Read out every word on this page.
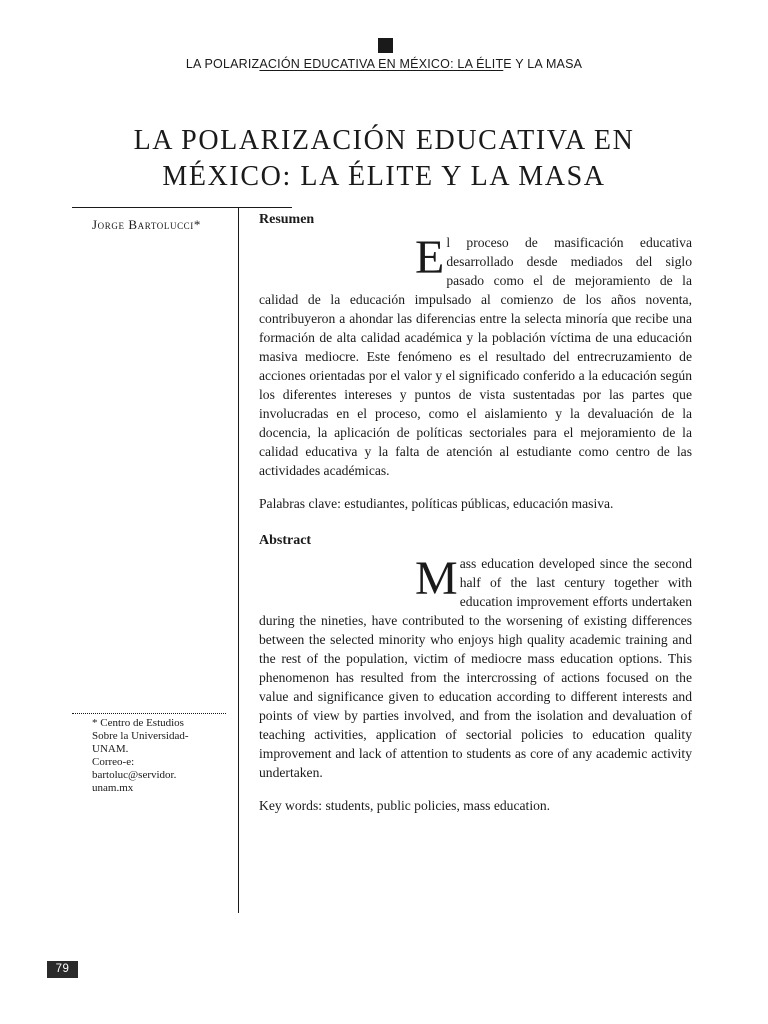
LA POLARIZACIÓN EDUCATIVA EN MÉXICO: LA ÉLITE Y LA MASA
LA POLARIZACIÓN EDUCATIVA EN
MÉXICO: LA ÉLITE Y LA MASA
Jorge Bartolucci*
* Centro de Estudios
Sobre la Universidad-
UNAM.
Correo-e:
bartoluc@servidor.
unam.mx
Resumen

El proceso de masificación educativa desarrollado desde mediados del siglo pasado como el de mejoramiento de la calidad de la educación impulsado al comienzo de los años noventa, contribuyeron a ahondar las diferencias entre la selecta minoría que recibe una formación de alta calidad académica y la población víctima de una educación masiva mediocre. Este fenómeno es el resultado del entrecruzamiento de acciones orientadas por el valor y el significado conferido a la educación según los diferentes intereses y puntos de vista sustentadas por las partes que involucradas en el proceso, como el aislamiento y la devaluación de la docencia, la aplicación de políticas sectoriales para el mejoramiento de la calidad educativa y la falta de atención al estudiante como centro de las actividades académicas.

Palabras clave: estudiantes, políticas públicas, educación masiva.

Abstract

Mass education developed since the second half of the last century together with education improvement efforts undertaken during the nineties, have contributed to the worsening of existing differences between the selected minority who enjoys high quality academic training and the rest of the population, victim of mediocre mass education options. This phenomenon has resulted from the intercrossing of actions focused on the value and significance given to education according to different interests and points of view by parties involved, and from the isolation and devaluation of teaching activities, application of sectorial policies to education quality improvement and lack of attention to students as core of any academic activity undertaken.

Key words: students, public policies, mass education.

79
